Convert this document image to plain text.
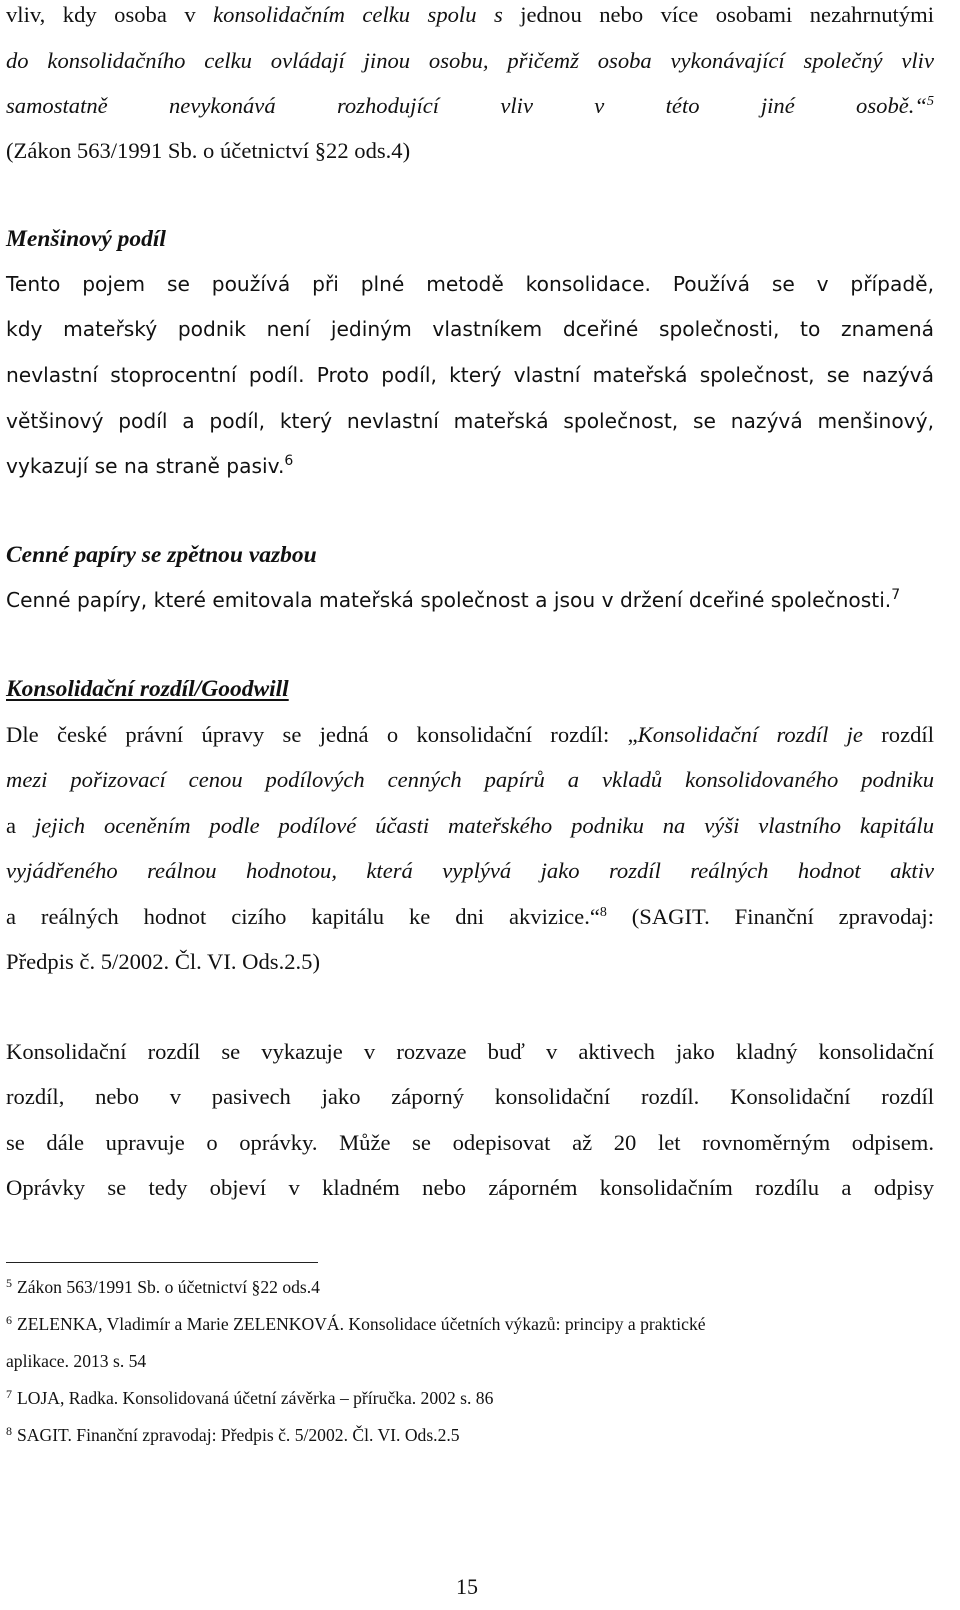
vliv, kdy osoba v konsolidačním celku spolu s jednou nebo více osobami nezahrnutými
do konsolidačního celku ovládají jinou osobu, přičemž osoba vykonávající společný vliv
samostatně nevykonává rozhodující vliv v této jiné osobě.“$^5$
(Zákon 563/1991 Sb. o účetnictví §22 ods.4)
Menšinový podíl
Tento pojem se používá při plné metodě konsolidace. Používá se v případě,
kdy mateřský podnik není jediným vlastníkem dceřiné společnosti, to znamená
nevlastní stoprocentní podíl. Proto podíl, který vlastní mateřská společnost, se nazývá
většinový podíl a podíl, který nevlastní mateřská společnost, se nazývá menšinový,
vykazují se na straně pasiv.$^6$
Cenné papíry se zpětnou vazbou
Cenné papíry, které emitovala mateřská společnost a jsou v držení dceřiné společnosti.$^7$
Konsolidační rozdíl/Goodwill
Dle české právní úpravy se jedná o konsolidační rozdíl: „Konsolidační rozdíl je rozdíl
mezi pořizovací cenou podílových cenných papírů a vkladů konsolidovaného podniku
a jejich oceněním podle podílové účasti mateřského podniku na výši vlastního kapitálu
vyjádřeného reálnou hodnotou, která vyplývá jako rozdíl reálných hodnot aktiv
a reálných hodnot cizího kapitálu ke dni akvizice.“$^8$ (SAGIT. Finanční zpravodaj:
Předpis č. 5/2002. Čl. VI. Ods.2.5)
Konsolidační rozdíl se vykazuje v rozvaze buď v aktivech jako kladný konsolidační
rozdíl, nebo v pasivech jako záporný konsolidační rozdíl. Konsolidační rozdíl
se dále upravuje o oprávky. Může se odepisovat až 20 let rovnoměrným odpisem.
Oprávky se tedy objeví v kladném nebo záporném konsolidačním rozdílu a odpisy
$^5$ Zákon 563/1991 Sb. o účetnictví §22 ods.4
$^6$ ZELENKA, Vladimír a Marie ZELENKOVÁ. Konsolidace účetních výkazů: principy a praktické
aplikace. 2013 s. 54
$^7$ LOJA, Radka. Konsolidovaná účetní závěrka – příručka. 2002 s. 86
$^8$ SAGIT. Finanční zpravodaj: Předpis č. 5/2002. Čl. VI. Ods.2.5
15
